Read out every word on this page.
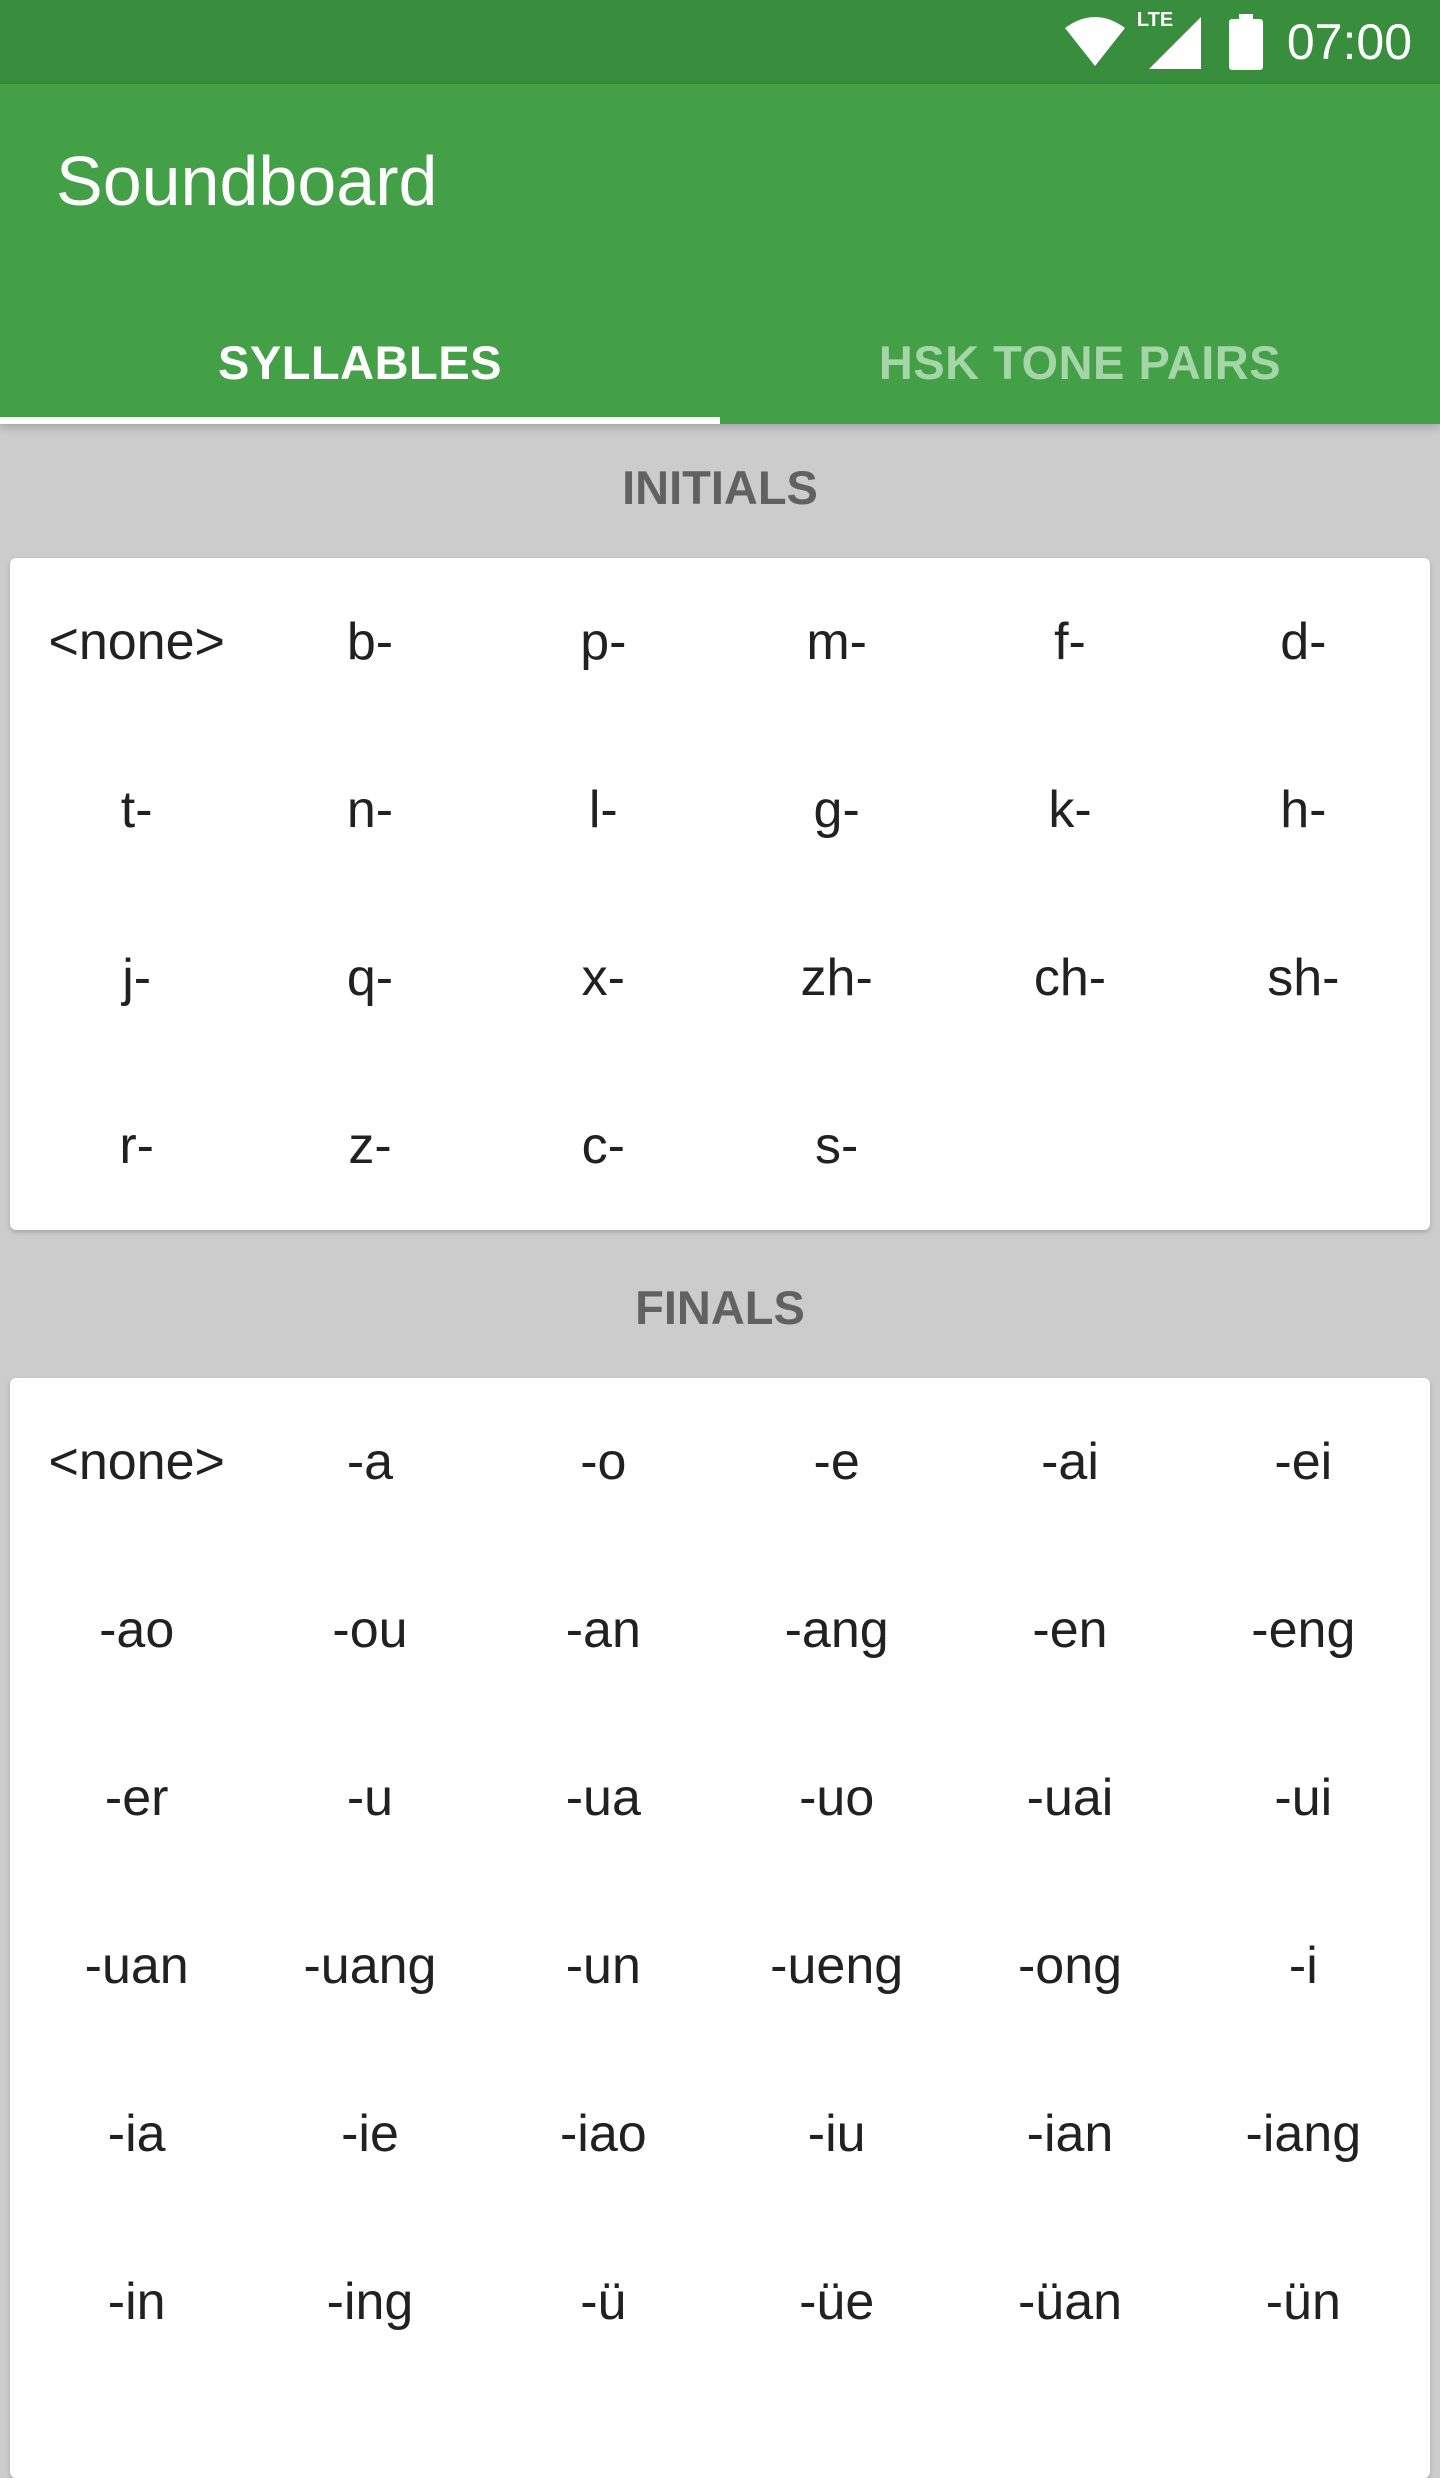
LTE 07:00
Soundboard
SYLLABLES	HSK TONE PAIRS
INITIALS
<none>	b-	p-	m-	f-	d-
t-	n-	l-	g-	k-	h-
j-	q-	x-	zh-	ch-	sh-
r-	z-	c-	s-
FINALS
<none>	-a	-o	-e	-ai	-ei
-ao	-ou	-an	-ang	-en	-eng
-er	-u	-ua	-uo	-uai	-ui
-uan	-uang	-un	-ueng	-ong	-i
-ia	-ie	-iao	-iu	-ian	-iang
-in	-ing	-ü	-üe	-üan	-ün
